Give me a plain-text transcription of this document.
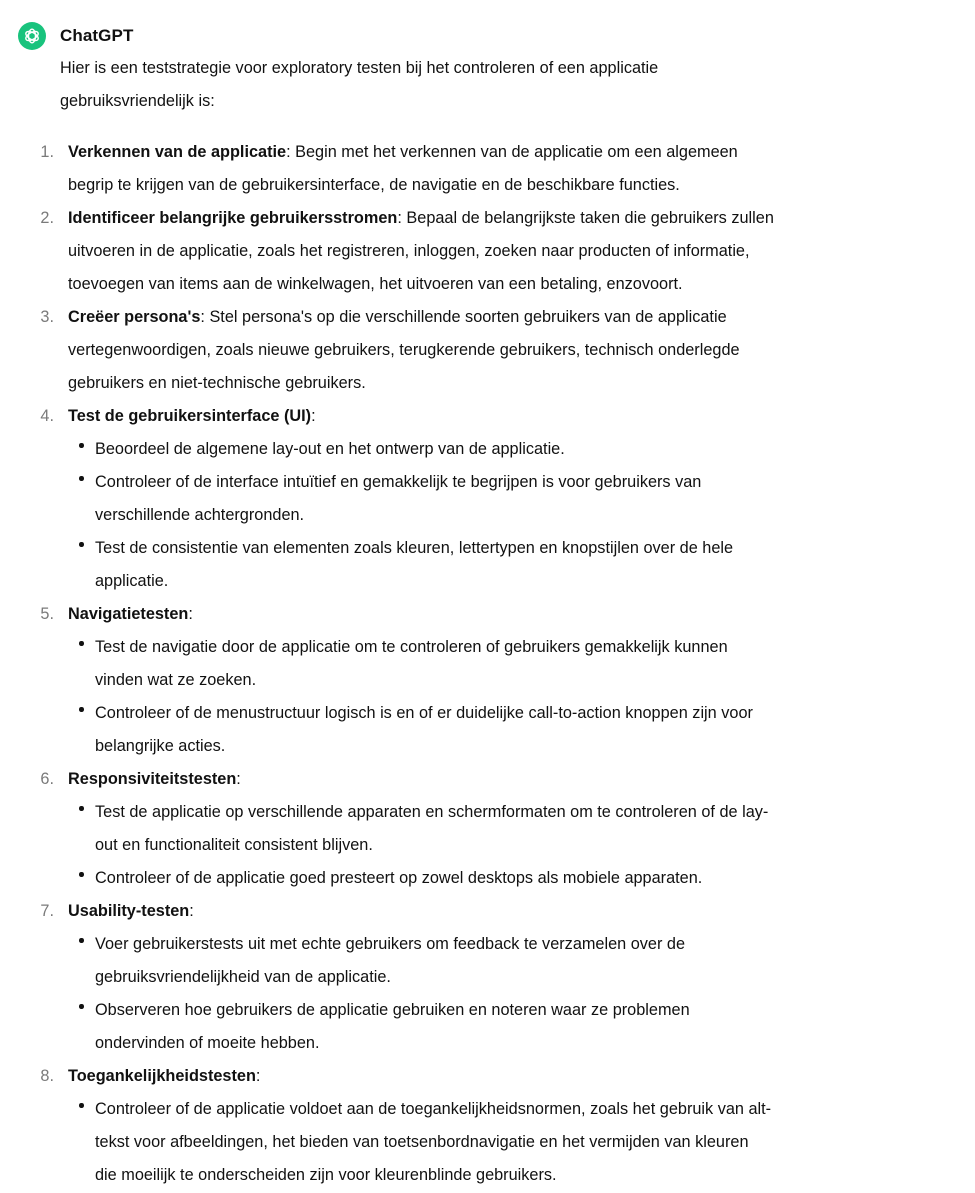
ChatGPT

Hier is een teststrategie voor exploratory testen bij het controleren of een applicatie
gebruiksvriendelijk is:

1. Verkennen van de applicatie: Begin met het verkennen van de applicatie om een algemeen
begrip te krijgen van de gebruikersinterface, de navigatie en de beschikbare functies.
2. Identificeer belangrijke gebruikersstromen: Bepaal de belangrijkste taken die gebruikers zullen
uitvoeren in de applicatie, zoals het registreren, inloggen, zoeken naar producten of informatie,
toevoegen van items aan de winkelwagen, het uitvoeren van een betaling, enzovoort.
3. Creëer persona's: Stel persona's op die verschillende soorten gebruikers van de applicatie
vertegenwoordigen, zoals nieuwe gebruikers, terugkerende gebruikers, technisch onderlegde
gebruikers en niet-technische gebruikers.
4. Test de gebruikersinterface (UI):
Beoordeel de algemene lay-out en het ontwerp van de applicatie.
Controleer of de interface intuïtief en gemakkelijk te begrijpen is voor gebruikers van
verschillende achtergronden.
Test de consistentie van elementen zoals kleuren, lettertypen en knopstijlen over de hele
applicatie.
5. Navigatietesten:
Test de navigatie door de applicatie om te controleren of gebruikers gemakkelijk kunnen
vinden wat ze zoeken.
Controleer of de menustructuur logisch is en of er duidelijke call-to-action knoppen zijn voor
belangrijke acties.
6. Responsiviteitstesten:
Test de applicatie op verschillende apparaten en schermformaten om te controleren of de lay-
out en functionaliteit consistent blijven.
Controleer of de applicatie goed presteert op zowel desktops als mobiele apparaten.
7. Usability-testen:
Voer gebruikerstests uit met echte gebruikers om feedback te verzamelen over de
gebruiksvriendelijkheid van de applicatie.
Observeren hoe gebruikers de applicatie gebruiken en noteren waar ze problemen
ondervinden of moeite hebben.
8. Toegankelijkheidstesten:
Controleer of de applicatie voldoet aan de toegankelijkheidsnormen, zoals het gebruik van alt-
tekst voor afbeeldingen, het bieden van toetsenbordnavigatie en het vermijden van kleuren
die moeilijk te onderscheiden zijn voor kleurenblinde gebruikers.
